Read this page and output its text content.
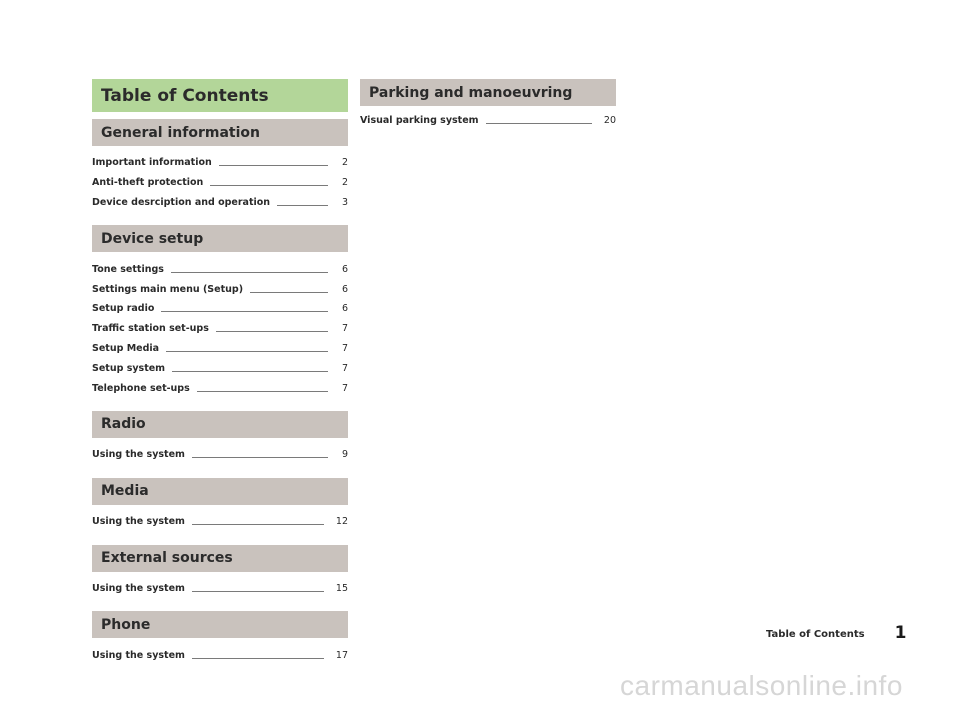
Table of Contents
General information
Important information	2
Anti-theft protection	2
Device desrciption and operation	3
Device setup
Tone settings	6
Settings main menu (Setup)	6
Setup radio	6
Traffic station set-ups	7
Setup Media	7
Setup system	7
Telephone set-ups	7
Radio
Using the system	9
Media
Using the system	12
External sources
Using the system	15
Phone
Using the system	17
Parking and manoeuvring
Visual parking system	20
Table of Contents 1
carmanualsonline.info
